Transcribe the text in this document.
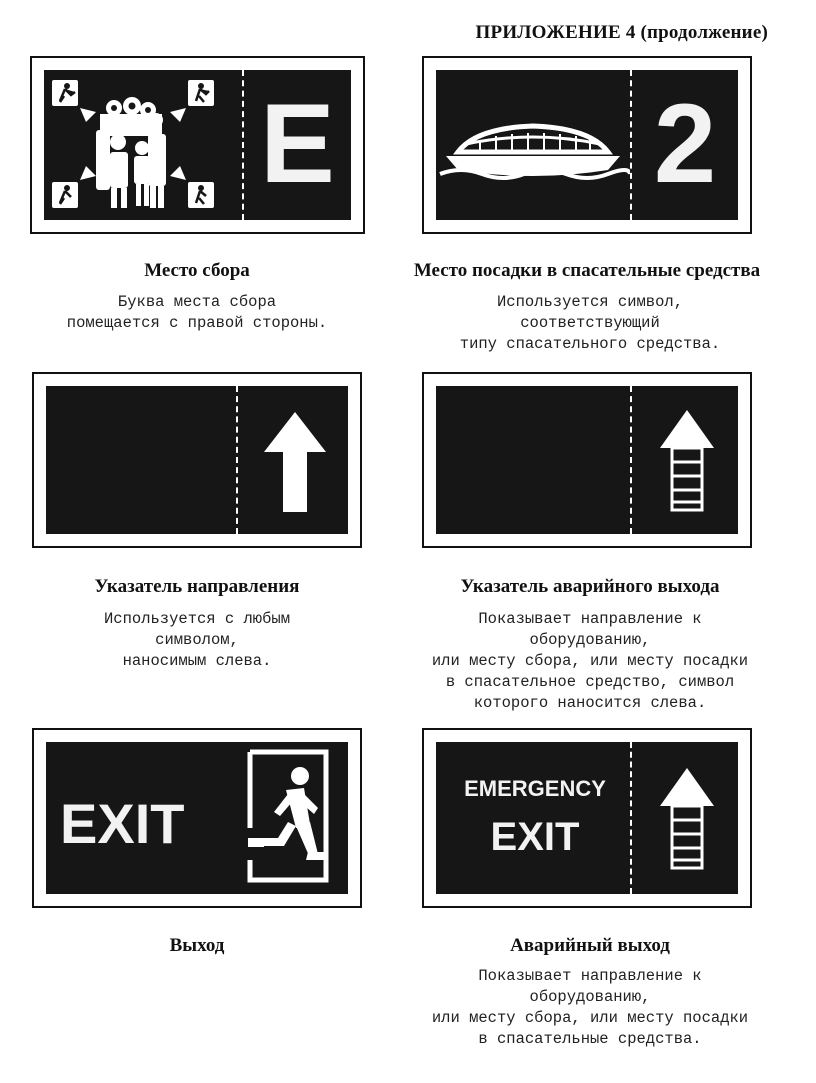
ПРИЛОЖЕНИЕ 4 (продолжение)
E	2
Место сбора
Буква места сбора
помещается с правой стороны.
Место посадки в спасательные средства
Используется символ,
соответствующий
типу спасательного средства.
Указатель направления
Используется с любым
символом,
наносимым слева.
Указатель аварийного выхода
Показывает направление к
оборудованию,
или месту сбора, или месту посадки
в спасательное средство, символ
которого наносится слева.
EXIT
EMERGENCY
EXIT
Выход	Аварийный выход
Показывает направление к
оборудованию,
или месту сбора, или месту посадки
в спасательные средства.
